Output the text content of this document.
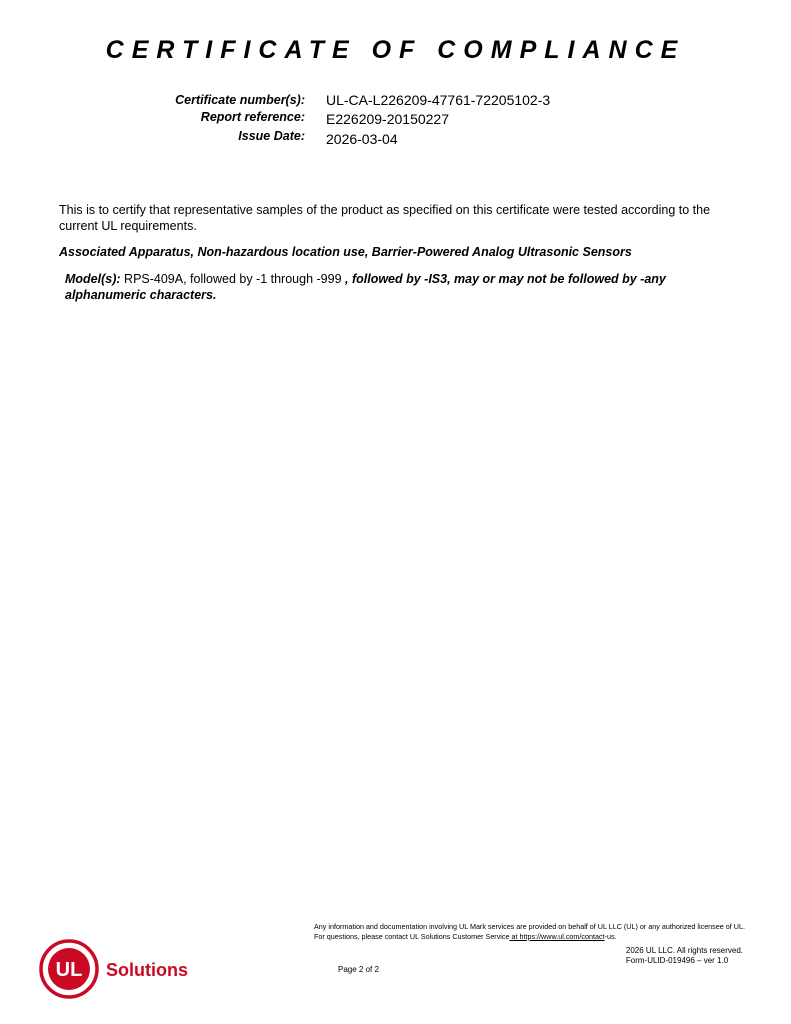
CERTIFICATE OF COMPLIANCE
Certificate number(s): UL-CA-L226209-47761-72205102-3
Report reference: E226209-20150227
Issue Date: 2026-03-04
This is to certify that representative samples of the product as specified on this certificate were tested according to the current UL requirements.
Associated Apparatus, Non-hazardous location use, Barrier-Powered Analog Ultrasonic Sensors
Model(s): RPS-409A, followed by -1 through -999 , followed by -IS3, may or may not be followed by -any alphanumeric characters.
Any information and documentation involving UL Mark services are provided on behalf of UL LLC (UL) or any authorized licensee of UL. For questions, please contact UL Solutions Customer Service at https://www.ul.com/contact-us.
2026 UL LLC. All rights reserved.
Form-ULID-019496 – ver 1.0
Page 2 of 2
UL Solutions
